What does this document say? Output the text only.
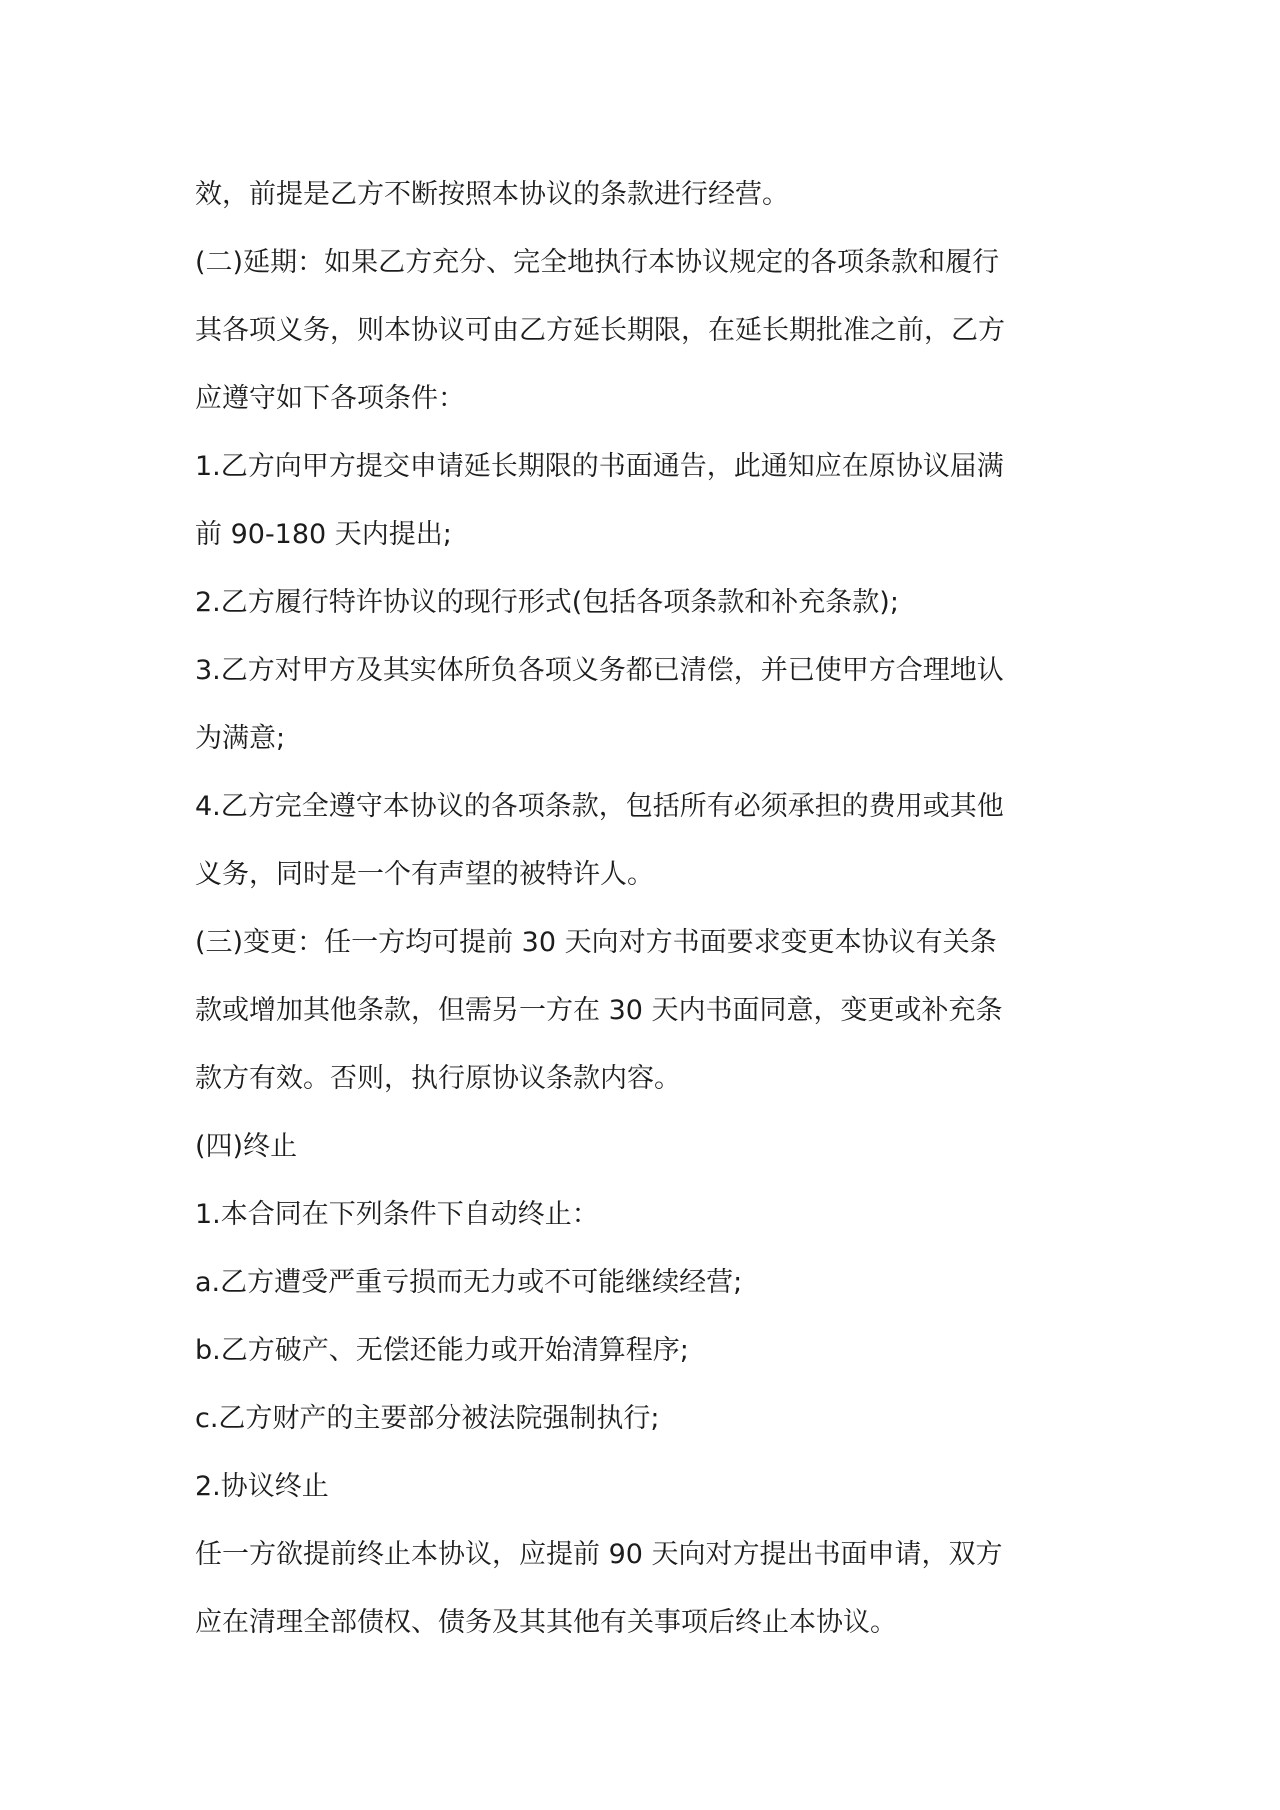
效，前提是乙方不断按照本协议的条款进行经营。
(二)延期：如果乙方充分、完全地执行本协议规定的各项条款和履行
其各项义务，则本协议可由乙方延长期限，在延长期批准之前，乙方
应遵守如下各项条件：
1.乙方向甲方提交申请延长期限的书面通告，此通知应在原协议届满
前 90-180 天内提出;
2.乙方履行特许协议的现行形式(包括各项条款和补充条款);
3.乙方对甲方及其实体所负各项义务都已清偿，并已使甲方合理地认
为满意;
4.乙方完全遵守本协议的各项条款，包括所有必须承担的费用或其他
义务，同时是一个有声望的被特许人。
(三)变更：任一方均可提前 30 天向对方书面要求变更本协议有关条
款或增加其他条款，但需另一方在 30 天内书面同意，变更或补充条
款方有效。否则，执行原协议条款内容。
(四)终止
1.本合同在下列条件下自动终止：
a.乙方遭受严重亏损而无力或不可能继续经营;
b.乙方破产、无偿还能力或开始清算程序;
c.乙方财产的主要部分被法院强制执行;
2.协议终止
任一方欲提前终止本协议，应提前 90 天向对方提出书面申请，双方
应在清理全部债权、债务及其其他有关事项后终止本协议。
